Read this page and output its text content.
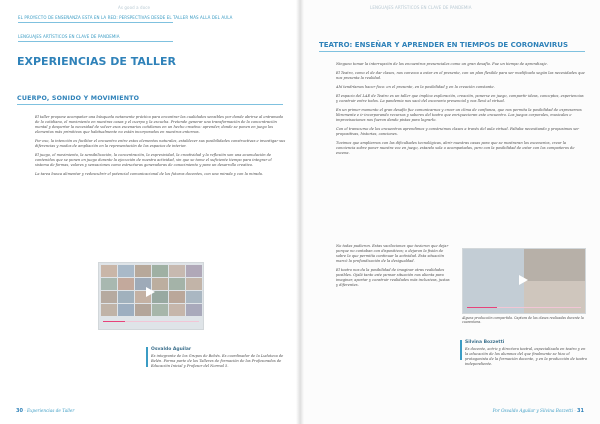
As good a doce
EL PROYECTO DE ENSEÑANZA ESTÁ EN LA RED: PERSPECTIVAS DESDE EL TALLER MÁS ALLÁ DEL AULA
LENGUAJES ARTÍSTICOS EN CLAVE DE PANDEMIA
EXPERIENCIAS DE TALLER
CUERPO, SONIDO Y MOVIMIENTO

El taller propone acompañar una búsqueda netamente práctica para encontrar las cualidades sensibles por donde abrirse al entramado de lo cotidiano, el movimiento en nuestras casas y el cuerpo y la escucha. Pretende generar una transformación de la concentración mental y despertar la necesidad de volver esos escenarios cotidianos en un hecho creativo: aprender, donde se ponen en juego los elementos más primitivos que habitualmente no están incorporados en nuestros entornos.

Por eso, la intención es facilitar el encuentro entre estos elementos naturales, establecer sus posibilidades constructivas e investigar sus diferencias y modos de ampliación en la representación de los espacios de interior.

El juego, el movimiento, la sensibilización, la concentración, la expresividad, la creatividad y la reflexión son una acumulación de contenidos que se ponen en juego durante la ejecución de nuestra actividad, sin que se tome el suficiente tiempo para integrar el sistema de formas, valores y sensaciones como estructuras generadoras de conocimiento y para un desarrollo creativo.

La tarea busca alimentar y redescubrir el potencial comunicacional de los futuros docentes, con una mirada y con la mirada.

Osvaldo Aguilar
Es integrante de los Grupos de Bebés. Es coordinador de la Ludoteca de Belén. Forma parte de los Talleres de formación de los Profesorados de Educación Inicial y Profesor del Normal 5.
30 · Experiencias de Taller
LENGUAJES ARTÍSTICOS EN CLAVE DE PANDEMIA
TEATRO: ENSEÑAR Y APRENDER EN TIEMPOS DE CORONAVIRUS

Ninguno tomar la interrupción de los encuentros presenciales como un gran desafío. Fue un tiempo de aprendizaje.

El Teatro, como el de dar clases, nos convoca a estar en el presente, con un plan flexible para ser modificado según las necesidades que nos presenta la realidad.

Ahí tendríamos hacer foco: en el presente, en la posibilidad y en la creación constante.

El espacio del LAE de Teatro es un taller que implica exploración, creación, ponerse en juego, compartir ideas, conceptos, experiencias y construir entre todos. La pandemia nos sacó del escenario presencial y nos llevó al virtual.

En un primer momento el gran desafío fue comunicarnos y crear un clima de confianza, que nos permita la posibilidad de expresarnos libremente e ir incorporando recursos y saberes del teatro que enriquecieran este encuentro. Los juegos corporales, musicales e improvisaciones nos fueron dando pistas para lograrlo.

Con el transcurso de los encuentros aprendimos y construimos clases a través del aula virtual. Faltaba necesitando y propusimos ser propositivas, historias, canciones.

Tuvimos que ampliarnos con las dificultades tecnológicas, abrir nuestras casas para que se mostraran los escenarios, crear la conciencia sobre poner nuestra voz en juego, estando sola o acompañadas, pero con la posibilidad de estar con los compañeros de escena.

No todas pudieron. Estas vacilaciones que tuvieron que dejar porque no contaban con dispositivos; o dejaron la fisión de sobre la que permitía continuar la actividad. Esta situación marcó la profundización de la desigualdad.

El teatro nos da la posibilidad de imaginar otras realidades posibles. Ojalá tanto este pensar situación nos alienta para imaginar, aportar y construir realidades más inclusivas, justas y diferentes.

Alguna producción compartida. Captura de las clases realizadas durante la cuarentena.
Silvina Bozzetti
Es docente, actriz y directora teatral, especializada en teatro y en la educación de los alumnos del que finalmente se hizo el protagonista de la formación docente, y en la producción de teatro independiente.
Por Osvaldo Aguilar y Silvina Bozzetti · 31
